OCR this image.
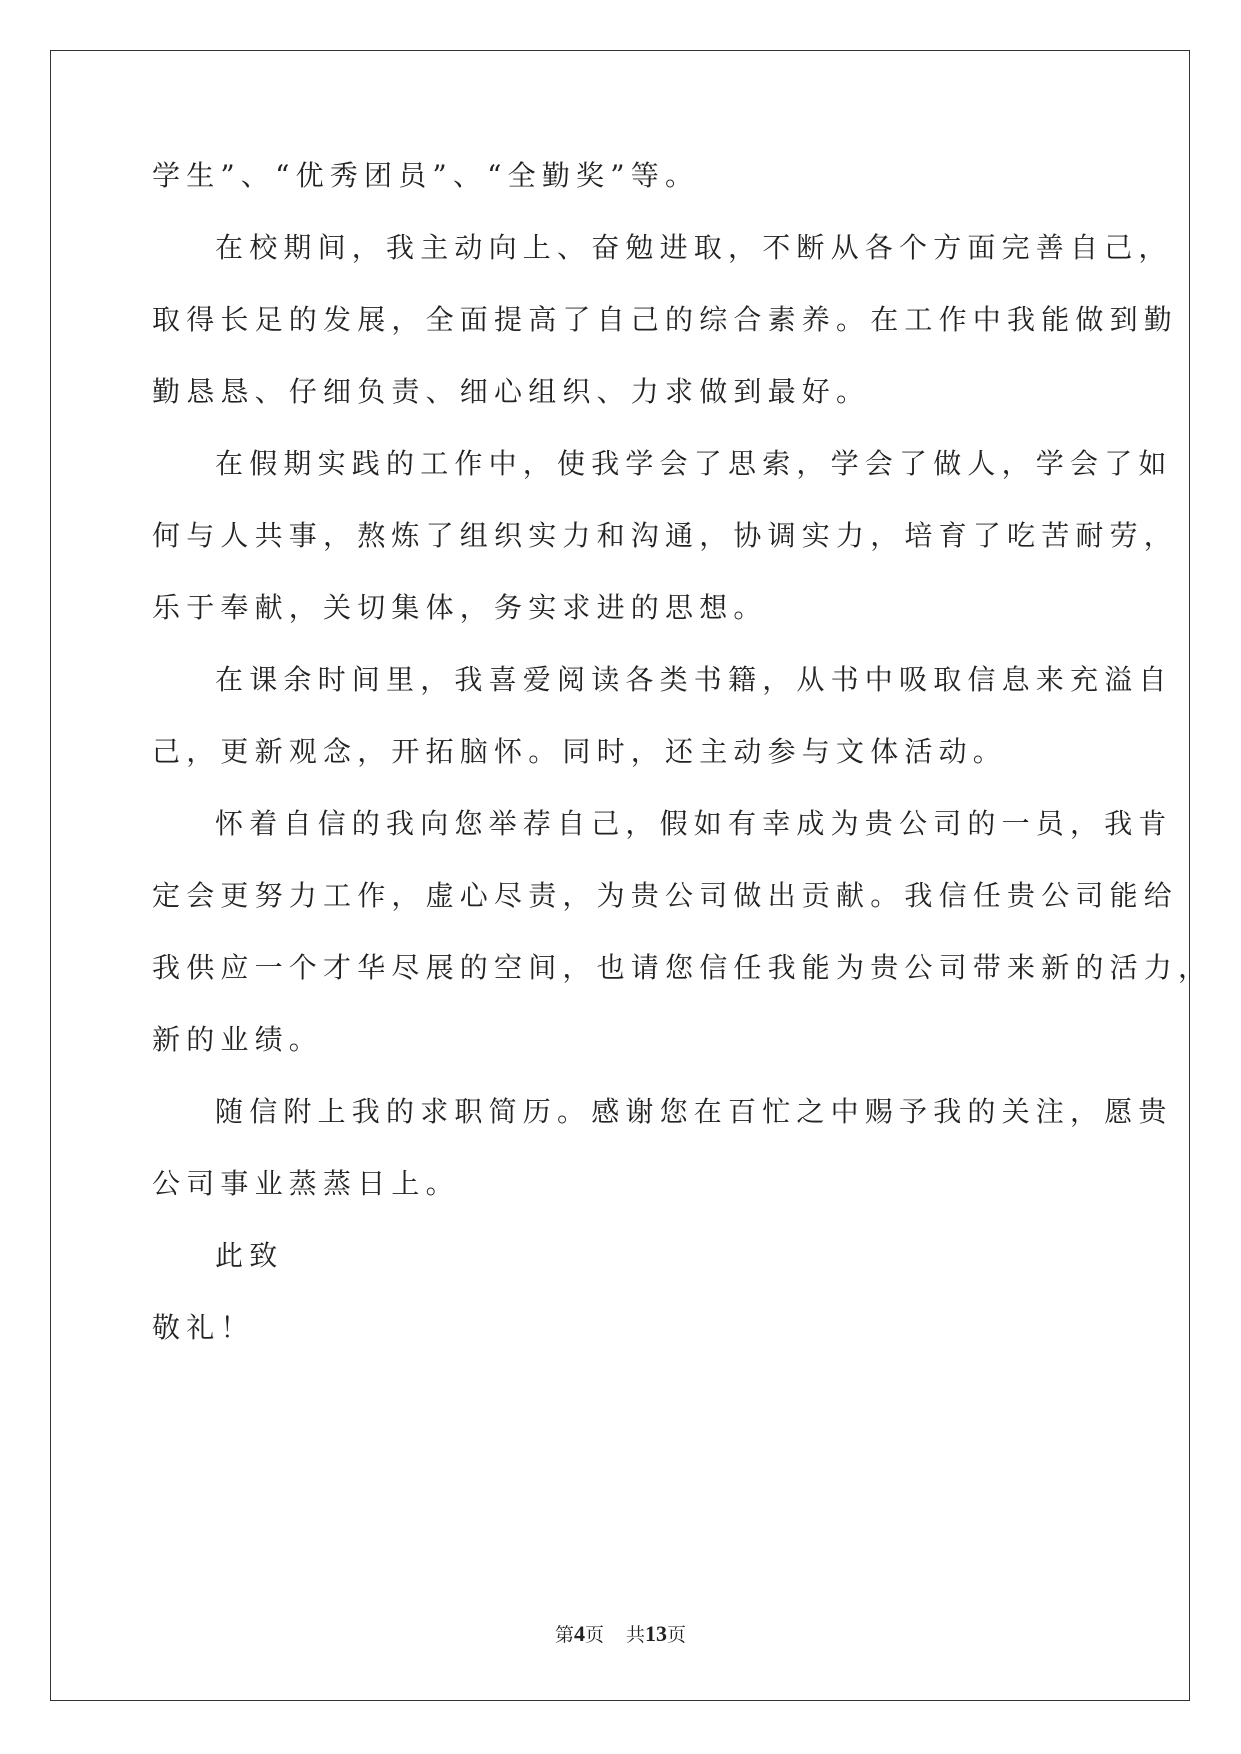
学生”、“优秀团员”、“全勤奖”等。
在校期间，我主动向上、奋勉进取，不断从各个方面完善自己，
取得长足的发展，全面提高了自己的综合素养。在工作中我能做到勤
勤恳恳、仔细负责、细心组织、力求做到最好。
在假期实践的工作中，使我学会了思索，学会了做人，学会了如
何与人共事，熬炼了组织实力和沟通，协调实力，培育了吃苦耐劳，
乐于奉献，关切集体，务实求进的思想。
在课余时间里，我喜爱阅读各类书籍，从书中吸取信息来充溢自
己，更新观念，开拓脑怀。同时，还主动参与文体活动。
怀着自信的我向您举荐自己，假如有幸成为贵公司的一员，我肯
定会更努力工作，虚心尽责，为贵公司做出贡献。我信任贵公司能给
我供应一个才华尽展的空间，也请您信任我能为贵公司带来新的活力，
新的业绩。
随信附上我的求职简历。感谢您在百忙之中赐予我的关注，愿贵
公司事业蒸蒸日上。
此致
敬礼！
第4页 共13页
